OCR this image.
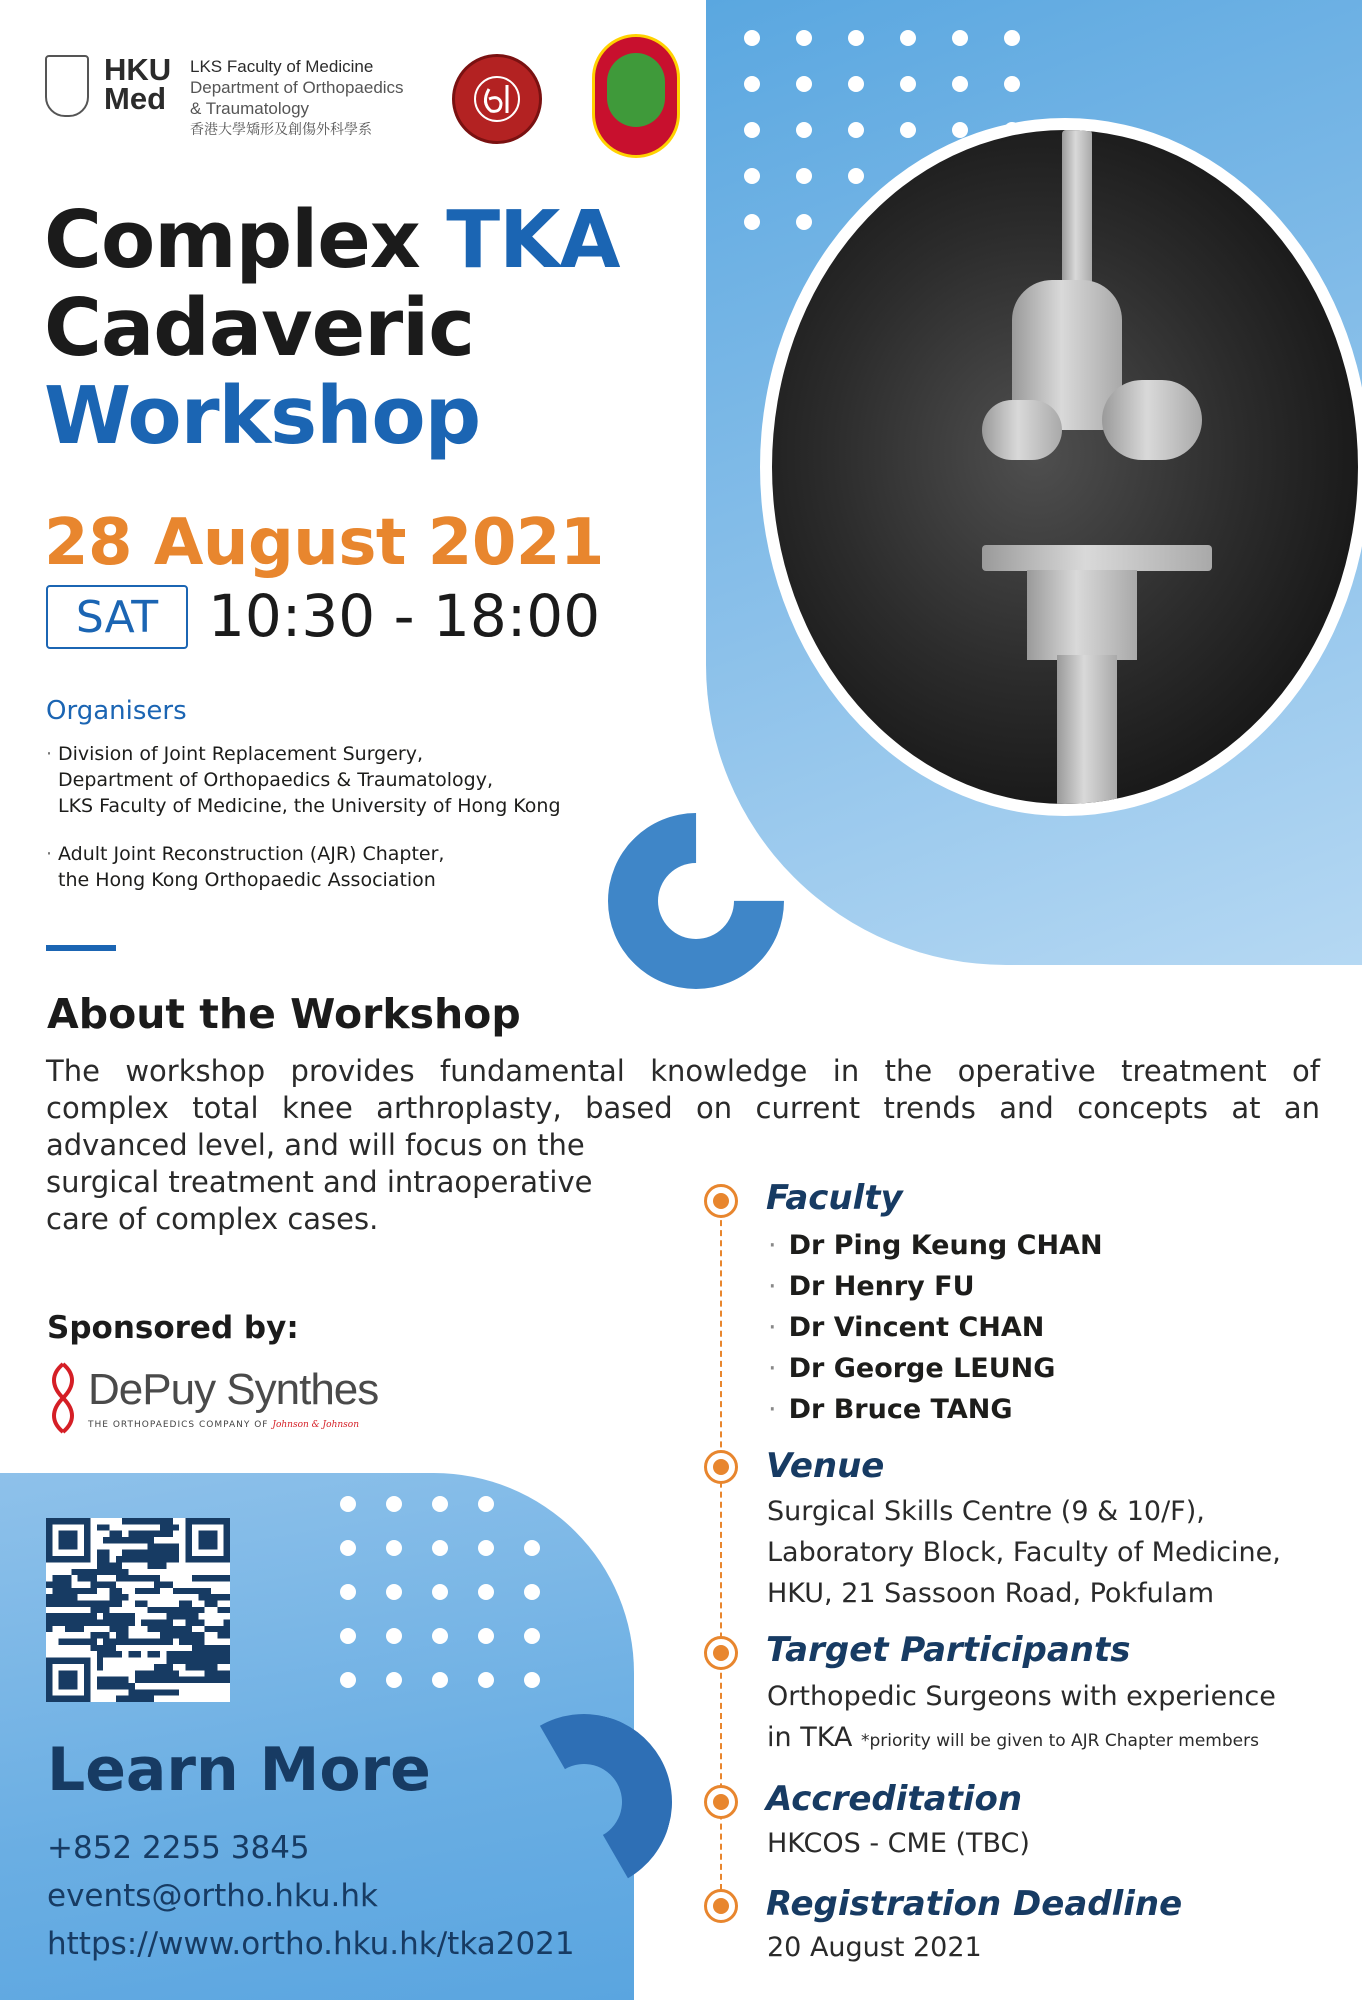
HKU
Med
LKS Faculty of Medicine
Department of Orthopaedics
& Traumatology
香港大學矯形及創傷外科學系
Complex TKA
Cadaveric
Workshop
28 August 2021
SAT 10:30 - 18:00
Organisers
· Division of Joint Replacement Surgery,
Department of Orthopaedics & Traumatology,
LKS Faculty of Medicine, the University of Hong Kong
· Adult Joint Reconstruction (AJR) Chapter,
the Hong Kong Orthopaedic Association
About the Workshop
The workshop provides fundamental knowledge in the operative treatment of
complex total knee arthroplasty, based on current trends and concepts at an
advanced level, and will focus on the
surgical treatment and intraoperative
care of complex cases.
Sponsored by:
DePuy Synthes
THE ORTHOPAEDICS COMPANY OF Johnson & Johnson
Learn More
+852 2255 3845
events@ortho.hku.hk
https://www.ortho.hku.hk/tka2021
Faculty
· Dr Ping Keung CHAN
· Dr Henry FU
· Dr Vincent CHAN
· Dr George LEUNG
· Dr Bruce TANG
Venue
Surgical Skills Centre (9 & 10/F),
Laboratory Block, Faculty of Medicine,
HKU, 21 Sassoon Road, Pokfulam
Target Participants
Orthopedic Surgeons with experience
in TKA *priority will be given to AJR Chapter members
Accreditation
HKCOS - CME (TBC)
Registration Deadline
20 August 2021
